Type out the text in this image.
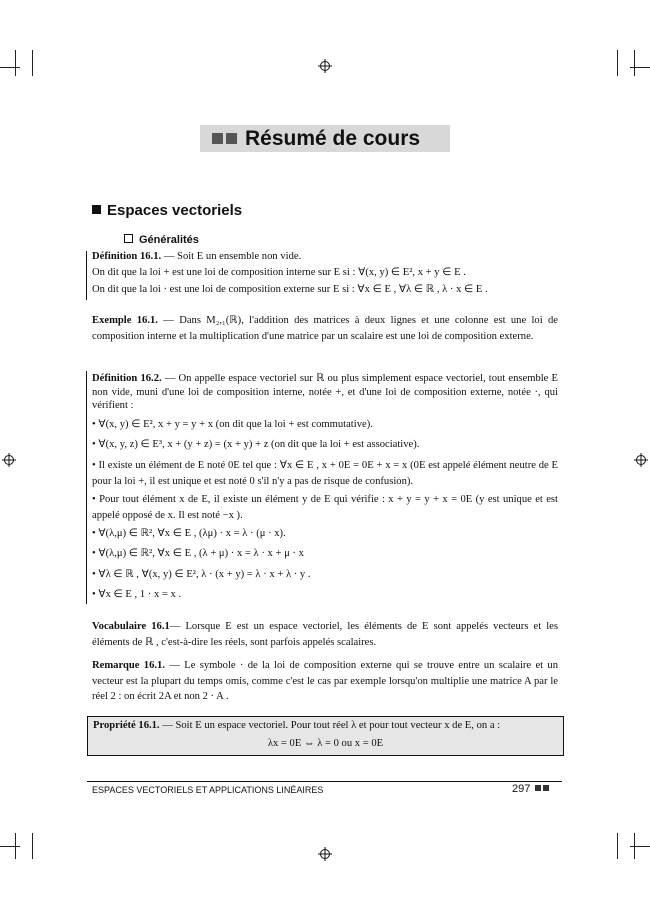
Résumé de cours
Espaces vectoriels
Généralités
Définition 16.1. — Soit E un ensemble non vide.
On dit que la loi + est une loi de composition interne sur E si : ∀(x, y) ∈ E², x + y ∈ E .
On dit que la loi · est une loi de composition externe sur E si : ∀x ∈ E , ∀λ ∈ ℝ , λ · x ∈ E .
Exemple 16.1. — Dans M₂,₁(ℝ), l'addition des matrices à deux lignes et une colonne est une loi de composition interne et la multiplication d'une matrice par un scalaire est une loi de composition externe.
Définition 16.2. — On appelle espace vectoriel sur ℝ ou plus simplement espace vectoriel, tout ensemble E non vide, muni d'une loi de composition interne, notée +, et d'une loi de composition externe, notée ·, qui vérifient :
• ∀(x, y) ∈ E², x + y = y + x (on dit que la loi + est commutative).
• ∀(x, y, z) ∈ E³, x + (y + z) = (x + y) + z (on dit que la loi + est associative).
• Il existe un élément de E noté 0E tel que : ∀x ∈ E , x + 0E = 0E + x = x (0E est appelé élément neutre de E pour la loi +, il est unique et est noté 0 s'il n'y a pas de risque de confusion).
• Pour tout élément x de E, il existe un élément y de E qui vérifie : x + y = y + x = 0E (y est unique et est appelé opposé de x. Il est noté −x ).
• ∀(λ,μ) ∈ ℝ², ∀x ∈ E , (λμ) · x = λ · (μ · x).
• ∀(λ,μ) ∈ ℝ², ∀x ∈ E , (λ + μ) · x = λ · x + μ · x
• ∀λ ∈ ℝ , ∀(x, y) ∈ E², λ · (x + y) = λ · x + λ · y .
• ∀x ∈ E , 1 · x = x .
Vocabulaire 16.1— Lorsque E est un espace vectoriel, les éléments de E sont appelés vecteurs et les éléments de ℝ , c'est-à-dire les réels, sont parfois appelés scalaires.
Remarque 16.1. — Le symbole · de la loi de composition externe qui se trouve entre un scalaire et un vecteur est la plupart du temps omis, comme c'est le cas par exemple lorsqu'on multiplie une matrice A par le réel 2 : on écrit 2A et non 2 · A .
Propriété 16.1. — Soit E un espace vectoriel. Pour tout réel λ et pour tout vecteur x de E, on a :
λx = 0E ⇔ λ = 0 ou x = 0E
ESPACES VECTORIELS ET APPLICATIONS LINÉAIRES	297
